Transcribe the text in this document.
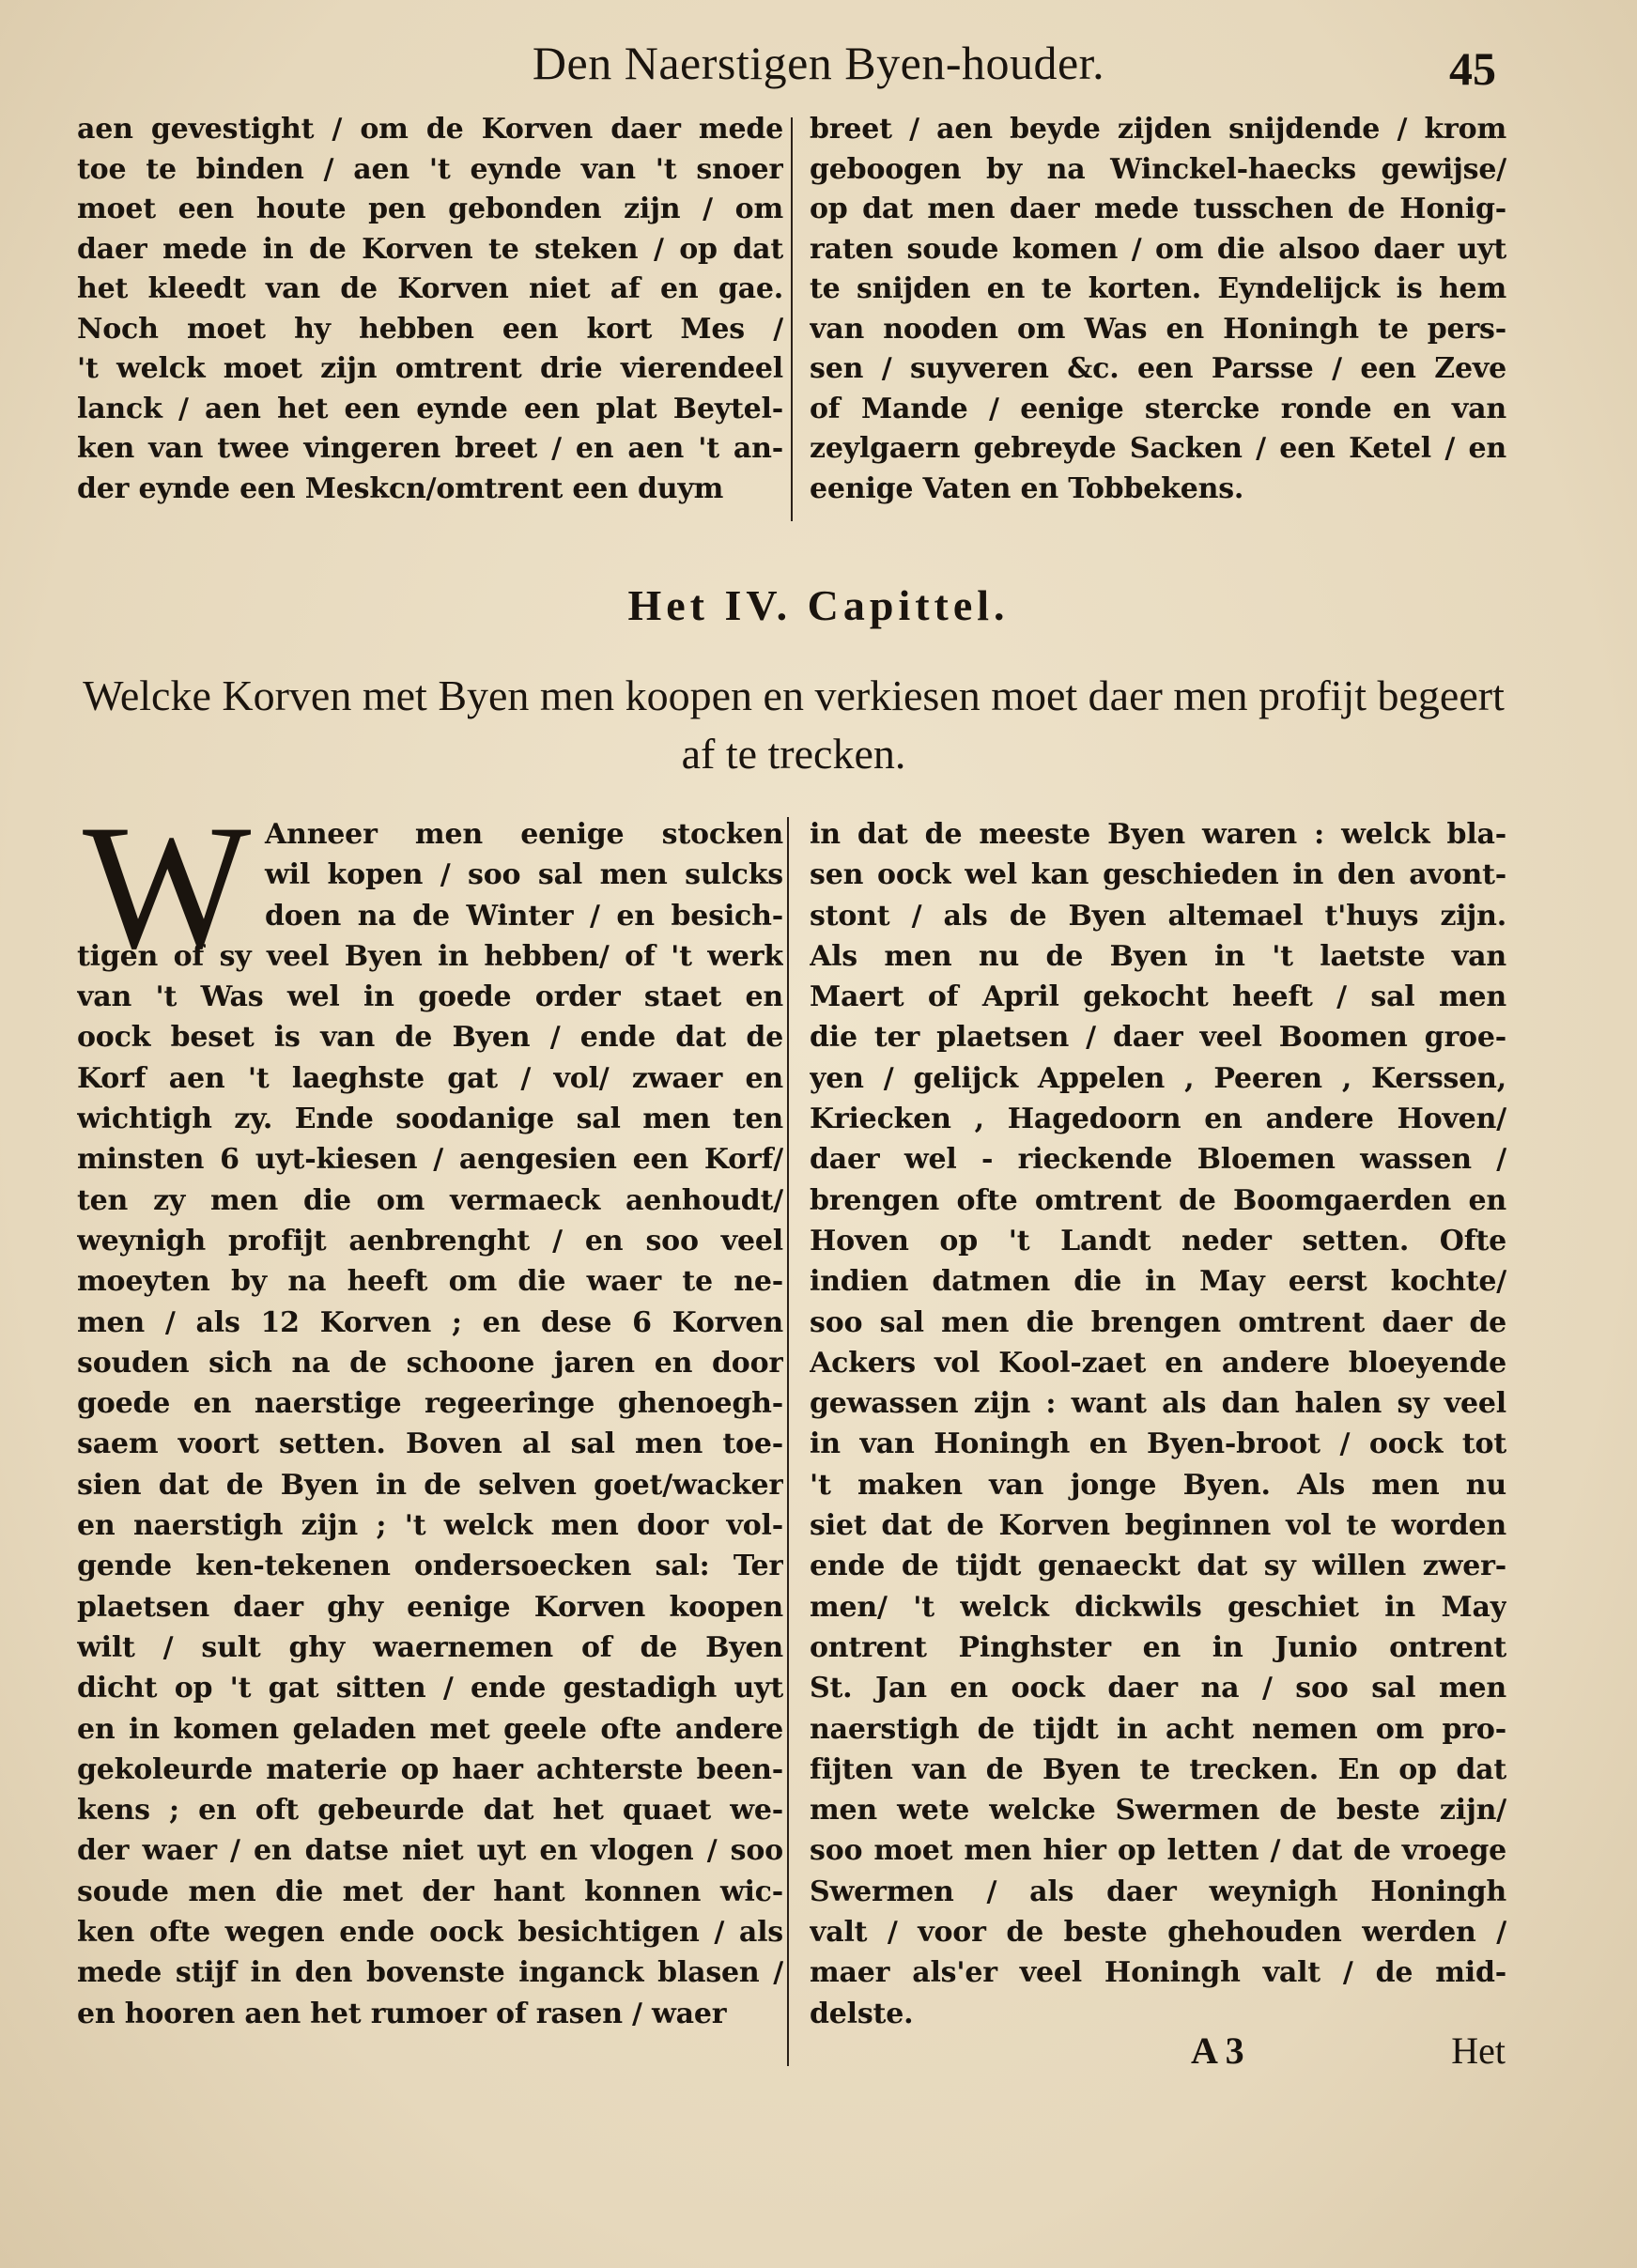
Den Naerstigen Byen-houder.	45
aen gevestight / om de Korven daer mede
toe te binden / aen 't eynde van 't snoer
moet een houte pen gebonden zijn / om
daer mede in de Korven te steken / op dat
het kleedt van de Korven niet af en gae.
Noch moet hy hebben een kort Mes /
't welck moet zijn omtrent drie vierendeel
lanck / aen het een eynde een plat Beytel-
ken van twee vingeren breet / en aen 't an-
der eynde een Meskcn/omtrent een duym
breet / aen beyde zijden snijdende / krom
geboogen by na Winckel-haecks gewijse/
op dat men daer mede tusschen de Honig-
raten soude komen / om die alsoo daer uyt
te snijden en te korten. Eyndelijck is hem
van nooden om Was en Honingh te pers-
sen / suyveren &c. een Parsse / een Zeve
of Mande / eenige stercke ronde en van
zeylgaern gebreyde Sacken / een Ketel / en
eenige Vaten en Tobbekens.
Het IV. Capittel.
Welcke Korven met Byen men koopen en verkiesen moet daer men profijt begeert af te trecken.
W Anneer men eenige stocken
wil kopen / soo sal men sulcks
doen na de Winter / en besich-
tigen of sy veel Byen in hebben/ of 't werk
van 't Was wel in goede order staet en
oock beset is van de Byen / ende dat de
Korf aen 't laeghste gat / vol/ zwaer en
wichtigh zy. Ende soodanige sal men ten
minsten 6 uyt-kiesen / aengesien een Korf/
ten zy men die om vermaeck aenhoudt/
weynigh profijt aenbrenght / en soo veel
moeyten by na heeft om die waer te ne-
men / als 12 Korven ; en dese 6 Korven
souden sich na de schoone jaren en door
goede en naerstige regeeringe ghenoegh-
saem voort setten. Boven al sal men toe-
sien dat de Byen in de selven goet/wacker
en naerstigh zijn ; 't welck men door vol-
gende ken-tekenen ondersoecken sal: Ter
plaetsen daer ghy eenige Korven koopen
wilt / sult ghy waernemen of de Byen
dicht op 't gat sitten / ende gestadigh uyt
en in komen geladen met geele ofte andere
gekoleurde materie op haer achterste been-
kens ; en oft gebeurde dat het quaet we-
der waer / en datse niet uyt en vlogen / soo
soude men die met der hant konnen wic-
ken ofte wegen ende oock besichtigen / als
mede stijf in den bovenste inganck blasen /
en hooren aen het rumoer of rasen / waer
in dat de meeste Byen waren : welck bla-
sen oock wel kan geschieden in den avont-
stont / als de Byen altemael t'huys zijn.
Als men nu de Byen in 't laetste van
Maert of April gekocht heeft / sal men
die ter plaetsen / daer veel Boomen groe-
yen / gelijck Appelen , Peeren , Kerssen,
Kriecken , Hagedoorn en andere Hoven/
daer wel - rieckende Bloemen wassen /
brengen ofte omtrent de Boomgaerden en
Hoven op 't Landt neder setten. Ofte
indien datmen die in May eerst kochte/
soo sal men die brengen omtrent daer de
Ackers vol Kool-zaet en andere bloeyende
gewassen zijn : want als dan halen sy veel
in van Honingh en Byen-broot / oock tot
't maken van jonge Byen. Als men nu
siet dat de Korven beginnen vol te worden
ende de tijdt genaeckt dat sy willen zwer-
men/ 't welck dickwils geschiet in May
ontrent Pinghster en in Junio ontrent
St. Jan en oock daer na / soo sal men
naerstigh de tijdt in acht nemen om pro-
fijten van de Byen te trecken. En op dat
men wete welcke Swermen de beste zijn/
soo moet men hier op letten / dat de vroege
Swermen / als daer weynigh Honingh
valt / voor de beste ghehouden werden /
maer als'er veel Honingh valt / de mid-
delste.
A 3	Het
